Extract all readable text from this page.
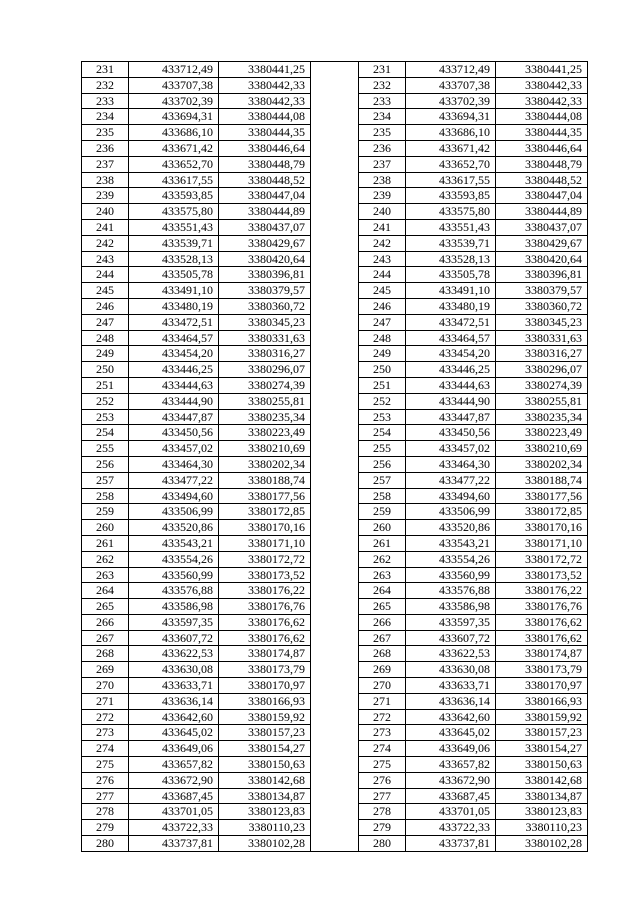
231	433712,49	3380441,25
232	433707,38	3380442,33
233	433702,39	3380442,33
234	433694,31	3380444,08
235	433686,10	3380444,35
236	433671,42	3380446,64
237	433652,70	3380448,79
238	433617,55	3380448,52
239	433593,85	3380447,04
240	433575,80	3380444,89
241	433551,43	3380437,07
242	433539,71	3380429,67
243	433528,13	3380420,64
244	433505,78	3380396,81
245	433491,10	3380379,57
246	433480,19	3380360,72
247	433472,51	3380345,23
248	433464,57	3380331,63
249	433454,20	3380316,27
250	433446,25	3380296,07
251	433444,63	3380274,39
252	433444,90	3380255,81
253	433447,87	3380235,34
254	433450,56	3380223,49
255	433457,02	3380210,69
256	433464,30	3380202,34
257	433477,22	3380188,74
258	433494,60	3380177,56
259	433506,99	3380172,85
260	433520,86	3380170,16
261	433543,21	3380171,10
262	433554,26	3380172,72
263	433560,99	3380173,52
264	433576,88	3380176,22
265	433586,98	3380176,76
266	433597,35	3380176,62
267	433607,72	3380176,62
268	433622,53	3380174,87
269	433630,08	3380173,79
270	433633,71	3380170,97
271	433636,14	3380166,93
272	433642,60	3380159,92
273	433645,02	3380157,23
274	433649,06	3380154,27
275	433657,82	3380150,63
276	433672,90	3380142,68
277	433687,45	3380134,87
278	433701,05	3380123,83
279	433722,33	3380110,23
280	433737,81	3380102,28
231	433712,49	3380441,25
232	433707,38	3380442,33
233	433702,39	3380442,33
234	433694,31	3380444,08
235	433686,10	3380444,35
236	433671,42	3380446,64
237	433652,70	3380448,79
238	433617,55	3380448,52
239	433593,85	3380447,04
240	433575,80	3380444,89
241	433551,43	3380437,07
242	433539,71	3380429,67
243	433528,13	3380420,64
244	433505,78	3380396,81
245	433491,10	3380379,57
246	433480,19	3380360,72
247	433472,51	3380345,23
248	433464,57	3380331,63
249	433454,20	3380316,27
250	433446,25	3380296,07
251	433444,63	3380274,39
252	433444,90	3380255,81
253	433447,87	3380235,34
254	433450,56	3380223,49
255	433457,02	3380210,69
256	433464,30	3380202,34
257	433477,22	3380188,74
258	433494,60	3380177,56
259	433506,99	3380172,85
260	433520,86	3380170,16
261	433543,21	3380171,10
262	433554,26	3380172,72
263	433560,99	3380173,52
264	433576,88	3380176,22
265	433586,98	3380176,76
266	433597,35	3380176,62
267	433607,72	3380176,62
268	433622,53	3380174,87
269	433630,08	3380173,79
270	433633,71	3380170,97
271	433636,14	3380166,93
272	433642,60	3380159,92
273	433645,02	3380157,23
274	433649,06	3380154,27
275	433657,82	3380150,63
276	433672,90	3380142,68
277	433687,45	3380134,87
278	433701,05	3380123,83
279	433722,33	3380110,23
280	433737,81	3380102,28
